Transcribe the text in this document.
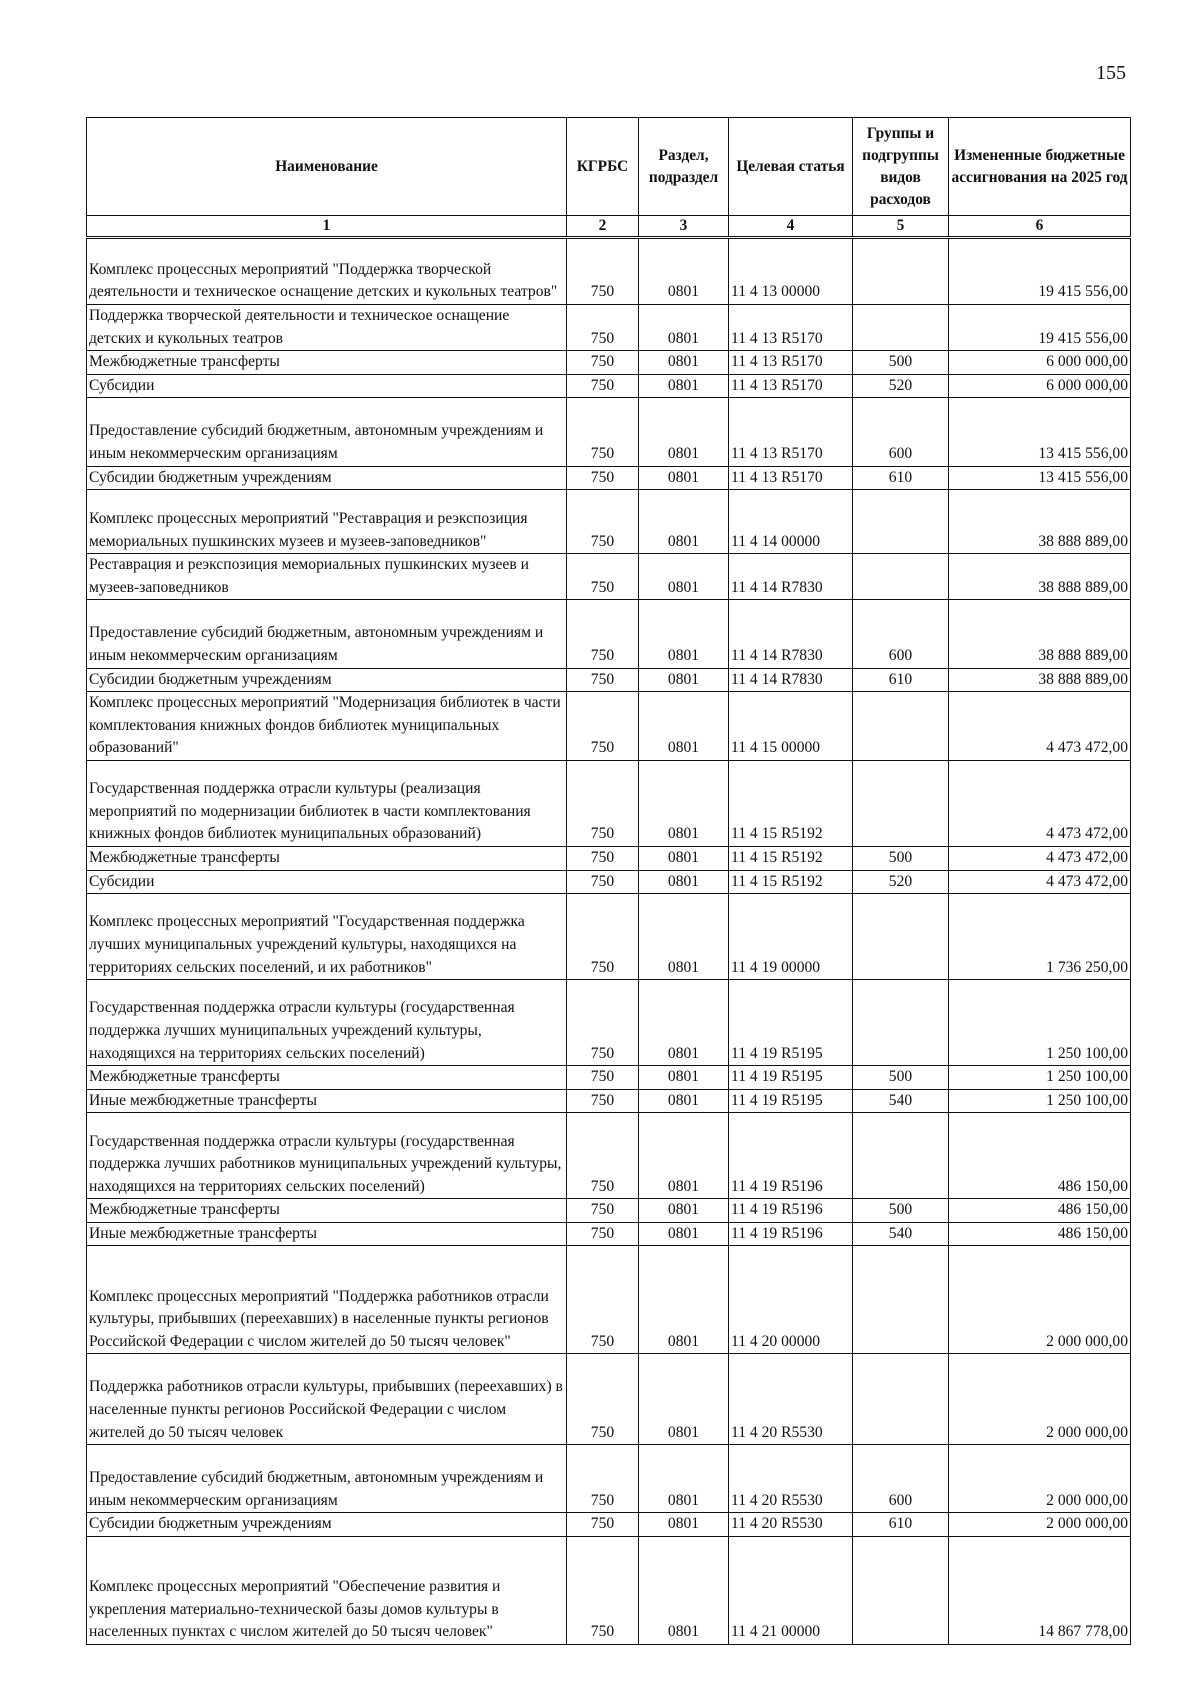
155
Наименование	КГРБС	Раздел, подраздел	Целевая статья	Группы и подгруппы видов расходов	Измененные бюджетные ассигнования на 2025 год
1	2	3	4	5	6
Комплекс процессных мероприятий "Поддержка творческой деятельности и техническое оснащение детских и кукольных театров"	750	0801	11 4 13 00000		19 415 556,00
Поддержка творческой деятельности и техническое оснащение детских и кукольных театров	750	0801	11 4 13 R5170		19 415 556,00
Межбюджетные трансферты	750	0801	11 4 13 R5170	500	6 000 000,00
Субсидии	750	0801	11 4 13 R5170	520	6 000 000,00
Предоставление субсидий бюджетным, автономным учреждениям и иным некоммерческим организациям	750	0801	11 4 13 R5170	600	13 415 556,00
Субсидии бюджетным учреждениям	750	0801	11 4 13 R5170	610	13 415 556,00
Комплекс процессных мероприятий "Реставрация и реэкспозиция мемориальных пушкинских музеев и музеев-заповедников"	750	0801	11 4 14 00000		38 888 889,00
Реставрация и реэкспозиция мемориальных пушкинских музеев и музеев-заповедников	750	0801	11 4 14 R7830		38 888 889,00
Предоставление субсидий бюджетным, автономным учреждениям и иным некоммерческим организациям	750	0801	11 4 14 R7830	600	38 888 889,00
Субсидии бюджетным учреждениям	750	0801	11 4 14 R7830	610	38 888 889,00
Комплекс процессных мероприятий "Модернизация библиотек в части комплектования книжных фондов библиотек муниципальных образований"	750	0801	11 4 15 00000		4 473 472,00
Государственная поддержка отрасли культуры (реализация мероприятий по модернизации библиотек в части комплектования книжных фондов библиотек муниципальных образований)	750	0801	11 4 15 R5192		4 473 472,00
Межбюджетные трансферты	750	0801	11 4 15 R5192	500	4 473 472,00
Субсидии	750	0801	11 4 15 R5192	520	4 473 472,00
Комплекс процессных мероприятий "Государственная поддержка лучших муниципальных учреждений культуры, находящихся на территориях сельских поселений, и их работников"	750	0801	11 4 19 00000		1 736 250,00
Государственная поддержка отрасли культуры (государственная поддержка лучших муниципальных учреждений культуры, находящихся на территориях сельских поселений)	750	0801	11 4 19 R5195		1 250 100,00
Межбюджетные трансферты	750	0801	11 4 19 R5195	500	1 250 100,00
Иные межбюджетные трансферты	750	0801	11 4 19 R5195	540	1 250 100,00
Государственная поддержка отрасли культуры (государственная поддержка лучших работников муниципальных учреждений культуры, находящихся на территориях сельских поселений)	750	0801	11 4 19 R5196		486 150,00
Межбюджетные трансферты	750	0801	11 4 19 R5196	500	486 150,00
Иные межбюджетные трансферты	750	0801	11 4 19 R5196	540	486 150,00
Комплекс процессных мероприятий "Поддержка работников отрасли культуры, прибывших (переехавших) в населенные пункты регионов Российской Федерации с числом жителей до 50 тысяч человек"	750	0801	11 4 20 00000		2 000 000,00
Поддержка работников отрасли культуры, прибывших (переехавших) в населенные пункты регионов Российской Федерации с числом жителей до 50 тысяч человек	750	0801	11 4 20 R5530		2 000 000,00
Предоставление субсидий бюджетным, автономным учреждениям и иным некоммерческим организациям	750	0801	11 4 20 R5530	600	2 000 000,00
Субсидии бюджетным учреждениям	750	0801	11 4 20 R5530	610	2 000 000,00
Комплекс процессных мероприятий "Обеспечение развития и укрепления материально-технической базы домов культуры в населенных пунктах с числом жителей до 50 тысяч человек"	750	0801	11 4 21 00000		14 867 778,00
